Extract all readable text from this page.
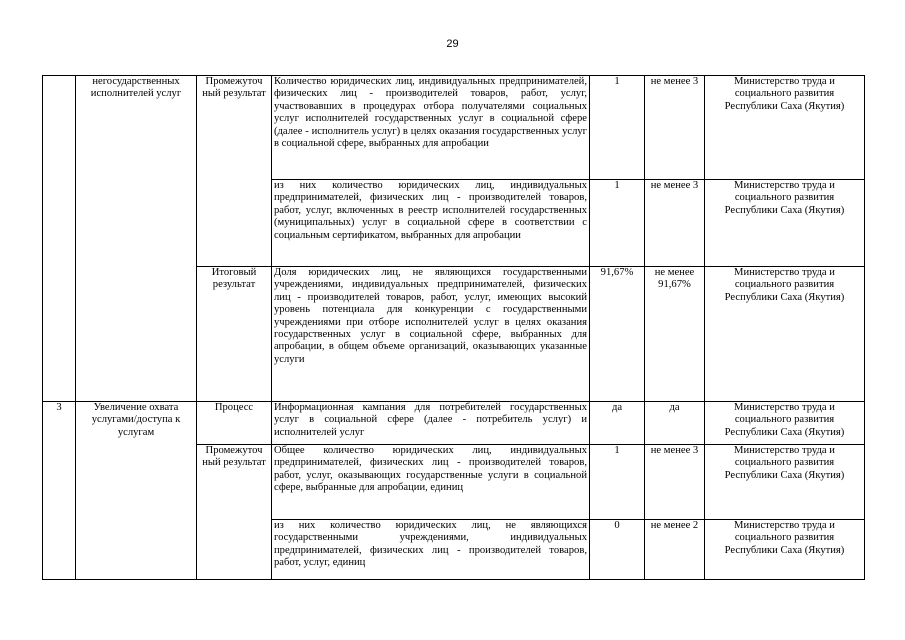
29
	негосударственных исполнителей услуг	Промежуточ ный результат	Количество юридических лиц, индивидуальных предпринимателей, физических лиц - производителей товаров, работ, услуг, участвовавших в процедурах отбора получателями социальных услуг исполнителей государственных услуг в социальной сфере (далее - исполнитель услуг) в целях оказания государственных услуг в социальной сфере, выбранных для апробации	1	не менее 3	Министерство труда и социального развития Республики Саха (Якутия)
			из них количество юридических лиц, индивидуальных предпринимателей, физических лиц - производителей товаров, работ, услуг, включенных в реестр исполнителей государственных (муниципальных) услуг в социальной сфере в соответствии с социальным сертификатом, выбранных для апробации	1	не менее 3	Министерство труда и социального развития Республики Саха (Якутия)
		Итоговый результат	Доля юридических лиц, не являющихся государственными учреждениями, индивидуальных предпринимателей, физических лиц - производителей товаров, работ, услуг, имеющих высокий уровень потенциала для конкуренции с государственными учреждениями при отборе исполнителей услуг в целях оказания государственных услуг в социальной сфере, выбранных для апробации, в общем объеме организаций, оказывающих указанные услуги	91,67%	не менее 91,67%	Министерство труда и социального развития Республики Саха (Якутия)
3	Увеличение охвата услугами/доступа к услугам	Процесс	Информационная кампания для потребителей государственных услуг в социальной сфере (далее - потребитель услуг) и исполнителей услуг	да	да	Министерство труда и социального развития Республики Саха (Якутия)
		Промежуточ ный результат	Общее количество юридических лиц, индивидуальных предпринимателей, физических лиц - производителей товаров, работ, услуг, оказывающих государственные услуги в социальной сфере, выбранные для апробации, единиц	1	не менее 3	Министерство труда и социального развития Республики Саха (Якутия)
			из них количество юридических лиц, не являющихся государственными учреждениями, индивидуальных предпринимателей, физических лиц - производителей товаров, работ, услуг, единиц	0	не менее 2	Министерство труда и социального развития Республики Саха (Якутия)
